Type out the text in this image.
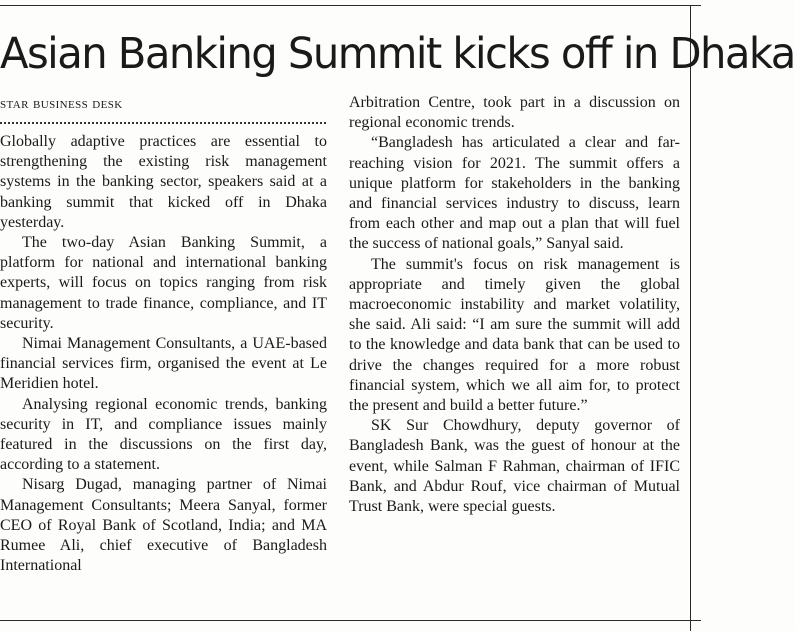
Asian Banking Summit kicks off in Dhaka
star business desk

Globally adaptive practices are essential to strengthening the existing risk management systems in the banking sector, speakers said at a banking summit that kicked off in Dhaka yesterday.

The two-day Asian Banking Summit, a platform for national and international banking experts, will focus on topics ranging from risk management to trade finance, compliance, and IT security.

Nimai Management Consultants, a UAE-based financial services firm, organised the event at Le Meridien hotel.

Analysing regional economic trends, banking security in IT, and compliance issues mainly featured in the discussions on the first day, according to a statement.

Nisarg Dugad, managing partner of Nimai Management Consultants; Meera Sanyal, former CEO of Royal Bank of Scotland, India; and MA Rumee Ali, chief executive of Bangladesh International

Arbitration Centre, took part in a discussion on regional economic trends.

“Bangladesh has articulated a clear and far-reaching vision for 2021. The summit offers a unique platform for stakeholders in the banking and financial services industry to discuss, learn from each other and map out a plan that will fuel the success of national goals,” Sanyal said.

The summit's focus on risk management is appropriate and timely given the global macroeconomic instability and market volatility, she said. Ali said: “I am sure the summit will add to the knowledge and data bank that can be used to drive the changes required for a more robust financial system, which we all aim for, to protect the present and build a better future.”

SK Sur Chowdhury, deputy governor of Bangladesh Bank, was the guest of honour at the event, while Salman F Rahman, chairman of IFIC Bank, and Abdur Rouf, vice chairman of Mutual Trust Bank, were special guests.
